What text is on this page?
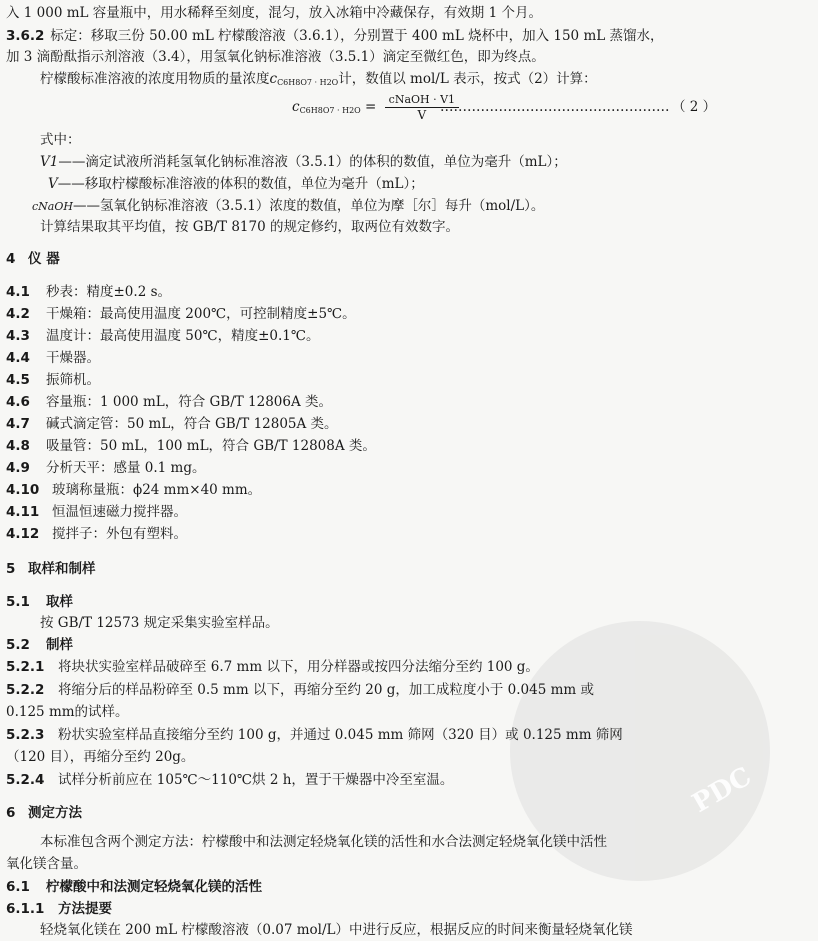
PDC
入 1 000 mL 容量瓶中，用水稀释至刻度，混匀，放入冰箱中冷藏保存，有效期 1 个月。
3.6.2 标定：移取三份 50.00 mL 柠檬酸溶液（3.6.1），分别置于 400 mL 烧杯中，加入 150 mL 蒸馏水，
加 3 滴酚酞指示剂溶液（3.4），用氢氧化钠标准溶液（3.5.1）滴定至微红色，即为终点。
柠檬酸标准溶液的浓度用物质的量浓度$c_{C6H8O7 \cdot H2O}$计，数值以 mol/L 表示，按式（2）计算：
$c_{C6H8O7 \cdot H2O} = \frac{\text{cNaOH · V1}}{V}$
…………………………………………… （ 2 ）
式中：
V1——滴定试液所消耗氢氧化钠标准溶液（3.5.1）的体积的数值，单位为毫升（mL）；
V——移取柠檬酸标准溶液的体积的数值，单位为毫升（mL）；
cNaOH——氢氧化钠标准溶液（3.5.1）浓度的数值，单位为摩［尔］每升（mol/L）。
计算结果取其平均值，按 GB/T 8170 的规定修约，取两位有效数字。
4 仪 器
4.1 秒表：精度±0.2 s。
4.2 干燥箱：最高使用温度 200℃，可控制精度±5℃。
4.3 温度计：最高使用温度 50℃，精度±0.1℃。
4.4 干燥器。
4.5 振筛机。
4.6 容量瓶：1 000 mL，符合 GB/T 12806A 类。
4.7 碱式滴定管：50 mL，符合 GB/T 12805A 类。
4.8 吸量管：50 mL，100 mL，符合 GB/T 12808A 类。
4.9 分析天平：感量 0.1 mg。
4.10 玻璃称量瓶：ϕ24 mm×40 mm。
4.11 恒温恒速磁力搅拌器。
4.12 搅拌子：外包有塑料。
5 取样和制样
5.1 取样
按 GB/T 12573 规定采集实验室样品。
5.2 制样
5.2.1 将块状实验室样品破碎至 6.7 mm 以下，用分样器或按四分法缩分至约 100 g。
5.2.2 将缩分后的样品粉碎至 0.5 mm 以下，再缩分至约 20 g，加工成粒度小于 0.045 mm 或
0.125 mm的试样。
5.2.3 粉状实验室样品直接缩分至约 100 g，并通过 0.045 mm 筛网（320 目）或 0.125 mm 筛网
（120 目），再缩分至约 20g。
5.2.4 试样分析前应在 105℃～110℃烘 2 h，置于干燥器中冷至室温。
6 测定方法
本标准包含两个测定方法：柠檬酸中和法测定轻烧氧化镁的活性和水合法测定轻烧氧化镁中活性
氧化镁含量。
6.1 柠檬酸中和法测定轻烧氧化镁的活性
6.1.1 方法提要
轻烧氧化镁在 200 mL 柠檬酸溶液（0.07 mol/L）中进行反应，根据反应的时间来衡量轻烧氧化镁
